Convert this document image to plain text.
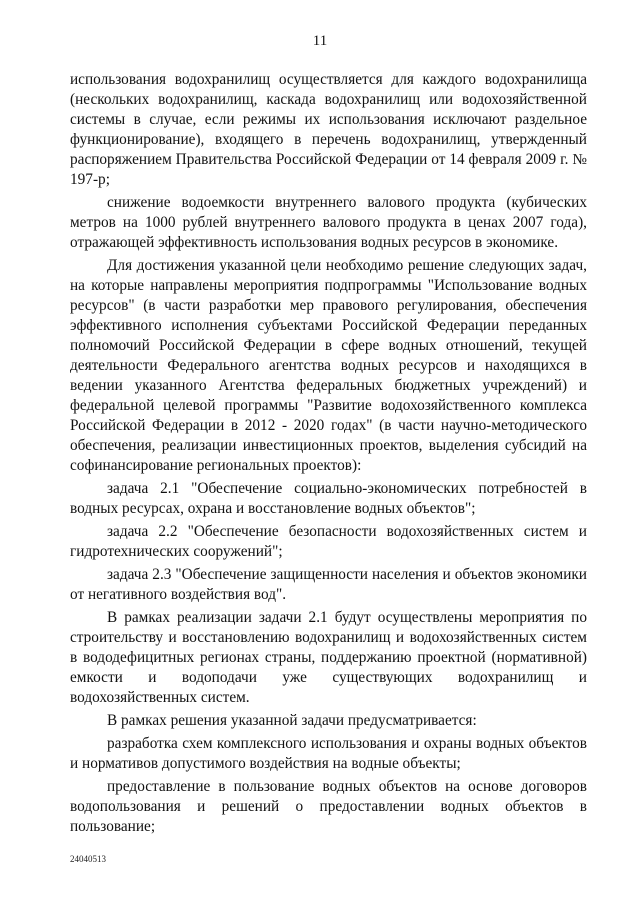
11

использования водохранилищ осуществляется для каждого водохранилища (нескольких водохранилищ, каскада водохранилищ или водохозяйственной системы в случае, если режимы их использования исключают раздельное функционирование), входящего в перечень водохранилищ, утвержденный распоряжением Правительства Российской Федерации от 14 февраля 2009 г. № 197-р;

снижение водоемкости внутреннего валового продукта (кубических метров на 1000 рублей внутреннего валового продукта в ценах 2007 года), отражающей эффективность использования водных ресурсов в экономике.

Для достижения указанной цели необходимо решение следующих задач, на которые направлены мероприятия подпрограммы "Использование водных ресурсов" (в части разработки мер правового регулирования, обеспечения эффективного исполнения субъектами Российской Федерации переданных полномочий Российской Федерации в сфере водных отношений, текущей деятельности Федерального агентства водных ресурсов и находящихся в ведении указанного Агентства федеральных бюджетных учреждений) и федеральной целевой программы "Развитие водохозяйственного комплекса Российской Федерации в 2012 - 2020 годах" (в части научно-методического обеспечения, реализации инвестиционных проектов, выделения субсидий на софинансирование региональных проектов):

задача 2.1 "Обеспечение социально-экономических потребностей в водных ресурсах, охрана и восстановление водных объектов";

задача 2.2 "Обеспечение безопасности водохозяйственных систем и гидротехнических сооружений";

задача 2.3 "Обеспечение защищенности населения и объектов экономики от негативного воздействия вод".

В рамках реализации задачи 2.1 будут осуществлены мероприятия по строительству и восстановлению водохранилищ и водохозяйственных систем в вододефицитных регионах страны, поддержанию проектной (нормативной) емкости и водоподачи уже существующих водохранилищ и водохозяйственных систем.

В рамках решения указанной задачи предусматривается:

разработка схем комплексного использования и охраны водных объектов и нормативов допустимого воздействия на водные объекты;

предоставление в пользование водных объектов на основе договоров водопользования и решений о предоставлении водных объектов в пользование;

24040513
